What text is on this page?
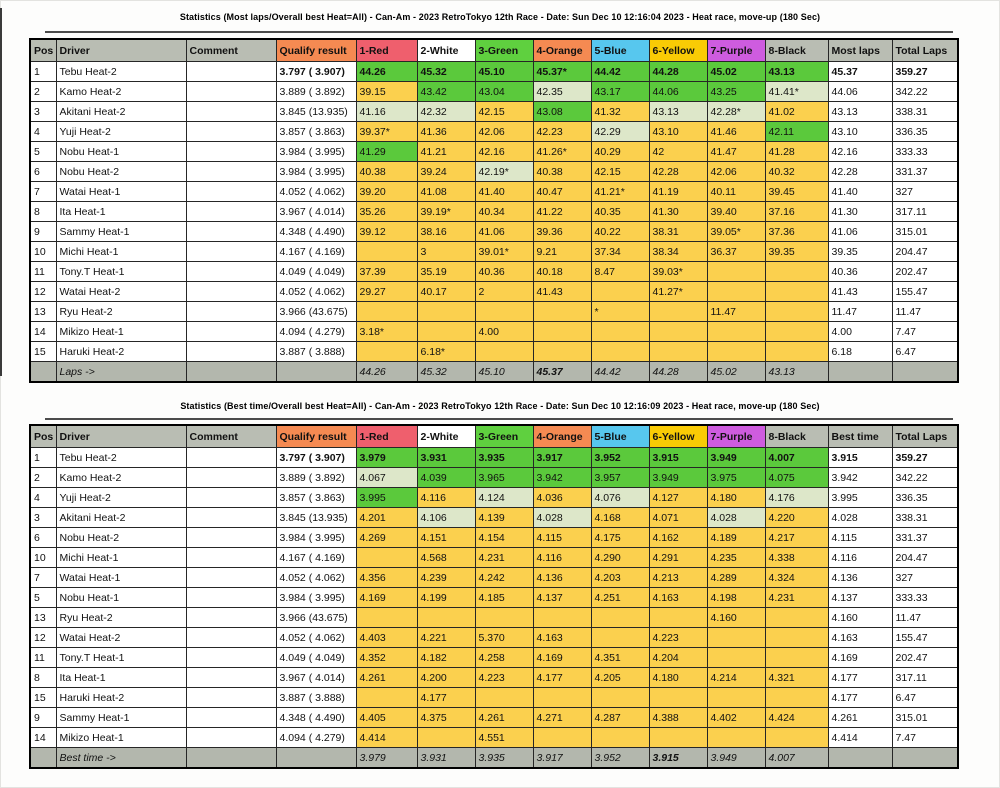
Statistics (Most laps/Overall best Heat=All) - Can-Am - 2023 RetroTokyo 12th Race - Date: Sun Dec 10 12:16:04 2023 - Heat race, move-up (180 Sec)
Pos	Driver	Comment	Qualify result	1-Red	2-White	3-Green	4-Orange	5-Blue	6-Yellow	7-Purple	8-Black	Most laps	Total Laps
1	Tebu Heat-2		3.797 ( 3.907)	44.26	45.32	45.10	45.37*	44.42	44.28	45.02	43.13	45.37	359.27
2	Kamo Heat-2		3.889 ( 3.892)	39.15	43.42	43.04	42.35	43.17	44.06	43.25	41.41*	44.06	342.22
3	Akitani Heat-2		3.845 (13.935)	41.16	42.32	42.15	43.08	41.32	43.13	42.28*	41.02	43.13	338.31
4	Yuji Heat-2		3.857 ( 3.863)	39.37*	41.36	42.06	42.23	42.29	43.10	41.46	42.11	43.10	336.35
5	Nobu Heat-1		3.984 ( 3.995)	41.29	41.21	42.16	41.26*	40.29	42	41.47	41.28	42.16	333.33
6	Nobu Heat-2		3.984 ( 3.995)	40.38	39.24	42.19*	40.38	42.15	42.28	42.06	40.32	42.28	331.37
7	Watai Heat-1		4.052 ( 4.062)	39.20	41.08	41.40	40.47	41.21*	41.19	40.11	39.45	41.40	327
8	Ita Heat-1		3.967 ( 4.014)	35.26	39.19*	40.34	41.22	40.35	41.30	39.40	37.16	41.30	317.11
9	Sammy Heat-1		4.348 ( 4.490)	39.12	38.16	41.06	39.36	40.22	38.31	39.05*	37.36	41.06	315.01
10	Michi Heat-1		4.167 ( 4.169)		3	39.01*	9.21	37.34	38.34	36.37	39.35	39.35	204.47
11	Tony.T Heat-1		4.049 ( 4.049)	37.39	35.19	40.36	40.18	8.47	39.03*			40.36	202.47
12	Watai Heat-2		4.052 ( 4.062)	29.27	40.17	2	41.43		41.27*			41.43	155.47
13	Ryu Heat-2		3.966 (43.675)					*		11.47		11.47	11.47
14	Mikizo Heat-1		4.094 ( 4.279)	3.18*		4.00						4.00	7.47
15	Haruki Heat-2		3.887 ( 3.888)		6.18*							6.18	6.47
	Laps ->			44.26	45.32	45.10	45.37	44.42	44.28	45.02	43.13		
Statistics (Best time/Overall best Heat=All) - Can-Am - 2023 RetroTokyo 12th Race - Date: Sun Dec 10 12:16:09 2023 - Heat race, move-up (180 Sec)
Pos	Driver	Comment	Qualify result	1-Red	2-White	3-Green	4-Orange	5-Blue	6-Yellow	7-Purple	8-Black	Best time	Total Laps
1	Tebu Heat-2		3.797 ( 3.907)	3.979	3.931	3.935	3.917	3.952	3.915	3.949	4.007	3.915	359.27
2	Kamo Heat-2		3.889 ( 3.892)	4.067	4.039	3.965	3.942	3.957	3.949	3.975	4.075	3.942	342.22
4	Yuji Heat-2		3.857 ( 3.863)	3.995	4.116	4.124	4.036	4.076	4.127	4.180	4.176	3.995	336.35
3	Akitani Heat-2		3.845 (13.935)	4.201	4.106	4.139	4.028	4.168	4.071	4.028	4.220	4.028	338.31
6	Nobu Heat-2		3.984 ( 3.995)	4.269	4.151	4.154	4.115	4.175	4.162	4.189	4.217	4.115	331.37
10	Michi Heat-1		4.167 ( 4.169)		4.568	4.231	4.116	4.290	4.291	4.235	4.338	4.116	204.47
7	Watai Heat-1		4.052 ( 4.062)	4.356	4.239	4.242	4.136	4.203	4.213	4.289	4.324	4.136	327
5	Nobu Heat-1		3.984 ( 3.995)	4.169	4.199	4.185	4.137	4.251	4.163	4.198	4.231	4.137	333.33
13	Ryu Heat-2		3.966 (43.675)							4.160		4.160	11.47
12	Watai Heat-2		4.052 ( 4.062)	4.403	4.221	5.370	4.163		4.223			4.163	155.47
11	Tony.T Heat-1		4.049 ( 4.049)	4.352	4.182	4.258	4.169	4.351	4.204			4.169	202.47
8	Ita Heat-1		3.967 ( 4.014)	4.261	4.200	4.223	4.177	4.205	4.180	4.214	4.321	4.177	317.11
15	Haruki Heat-2		3.887 ( 3.888)		4.177							4.177	6.47
9	Sammy Heat-1		4.348 ( 4.490)	4.405	4.375	4.261	4.271	4.287	4.388	4.402	4.424	4.261	315.01
14	Mikizo Heat-1		4.094 ( 4.279)	4.414		4.551						4.414	7.47
	Best time ->			3.979	3.931	3.935	3.917	3.952	3.915	3.949	4.007		
